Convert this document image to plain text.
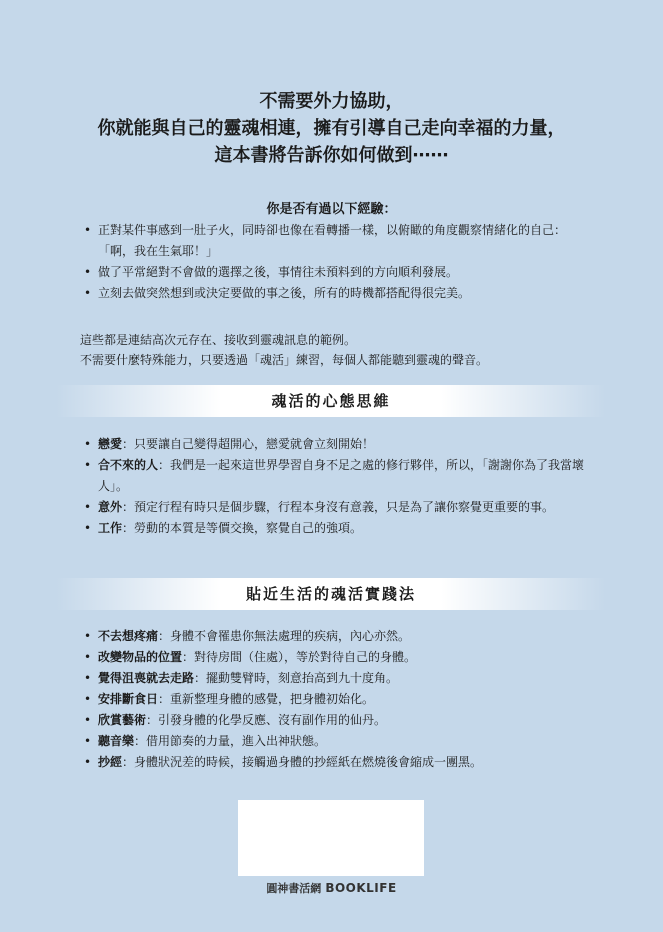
不需要外力協助，
你就能與自己的靈魂相連，擁有引導自己走向幸福的力量，
這本書將告訴你如何做到⋯⋯
你是否有過以下經驗：
• 正對某件事感到一肚子火，同時卻也像在看轉播一樣，以俯瞰的角度觀察情緒化的自己：「啊，我在生氣耶！」
• 做了平常絕對不會做的選擇之後，事情往未預料到的方向順利發展。
• 立刻去做突然想到或決定要做的事之後，所有的時機都搭配得很完美。
這些都是連結高次元存在、接收到靈魂訊息的範例。
不需要什麼特殊能力，只要透過「魂活」練習，每個人都能聽到靈魂的聲音。
魂活的心態思維
• 戀愛：只要讓自己變得超開心，戀愛就會立刻開始！
• 合不來的人：我們是一起來這世界學習自身不足之處的修行夥伴，所以，「謝謝你為了我當壞人」。
• 意外：預定行程有時只是個步驟，行程本身沒有意義，只是為了讓你察覺更重要的事。
• 工作：勞動的本質是等價交換，察覺自己的強項。
貼近生活的魂活實踐法
• 不去想疼痛：身體不會罹患你無法處理的疾病，內心亦然。
• 改變物品的位置：對待房間（住處），等於對待自己的身體。
• 覺得沮喪就去走路：擺動雙臂時，刻意抬高到九十度角。
• 安排斷食日：重新整理身體的感覺，把身體初始化。
• 欣賞藝術：引發身體的化學反應、沒有副作用的仙丹。
• 聽音樂：借用節奏的力量，進入出神狀態。
• 抄經：身體狀況差的時候，接觸過身體的抄經紙在燃燒後會縮成一團黑。
圓神書活網 BOOKLIFE
